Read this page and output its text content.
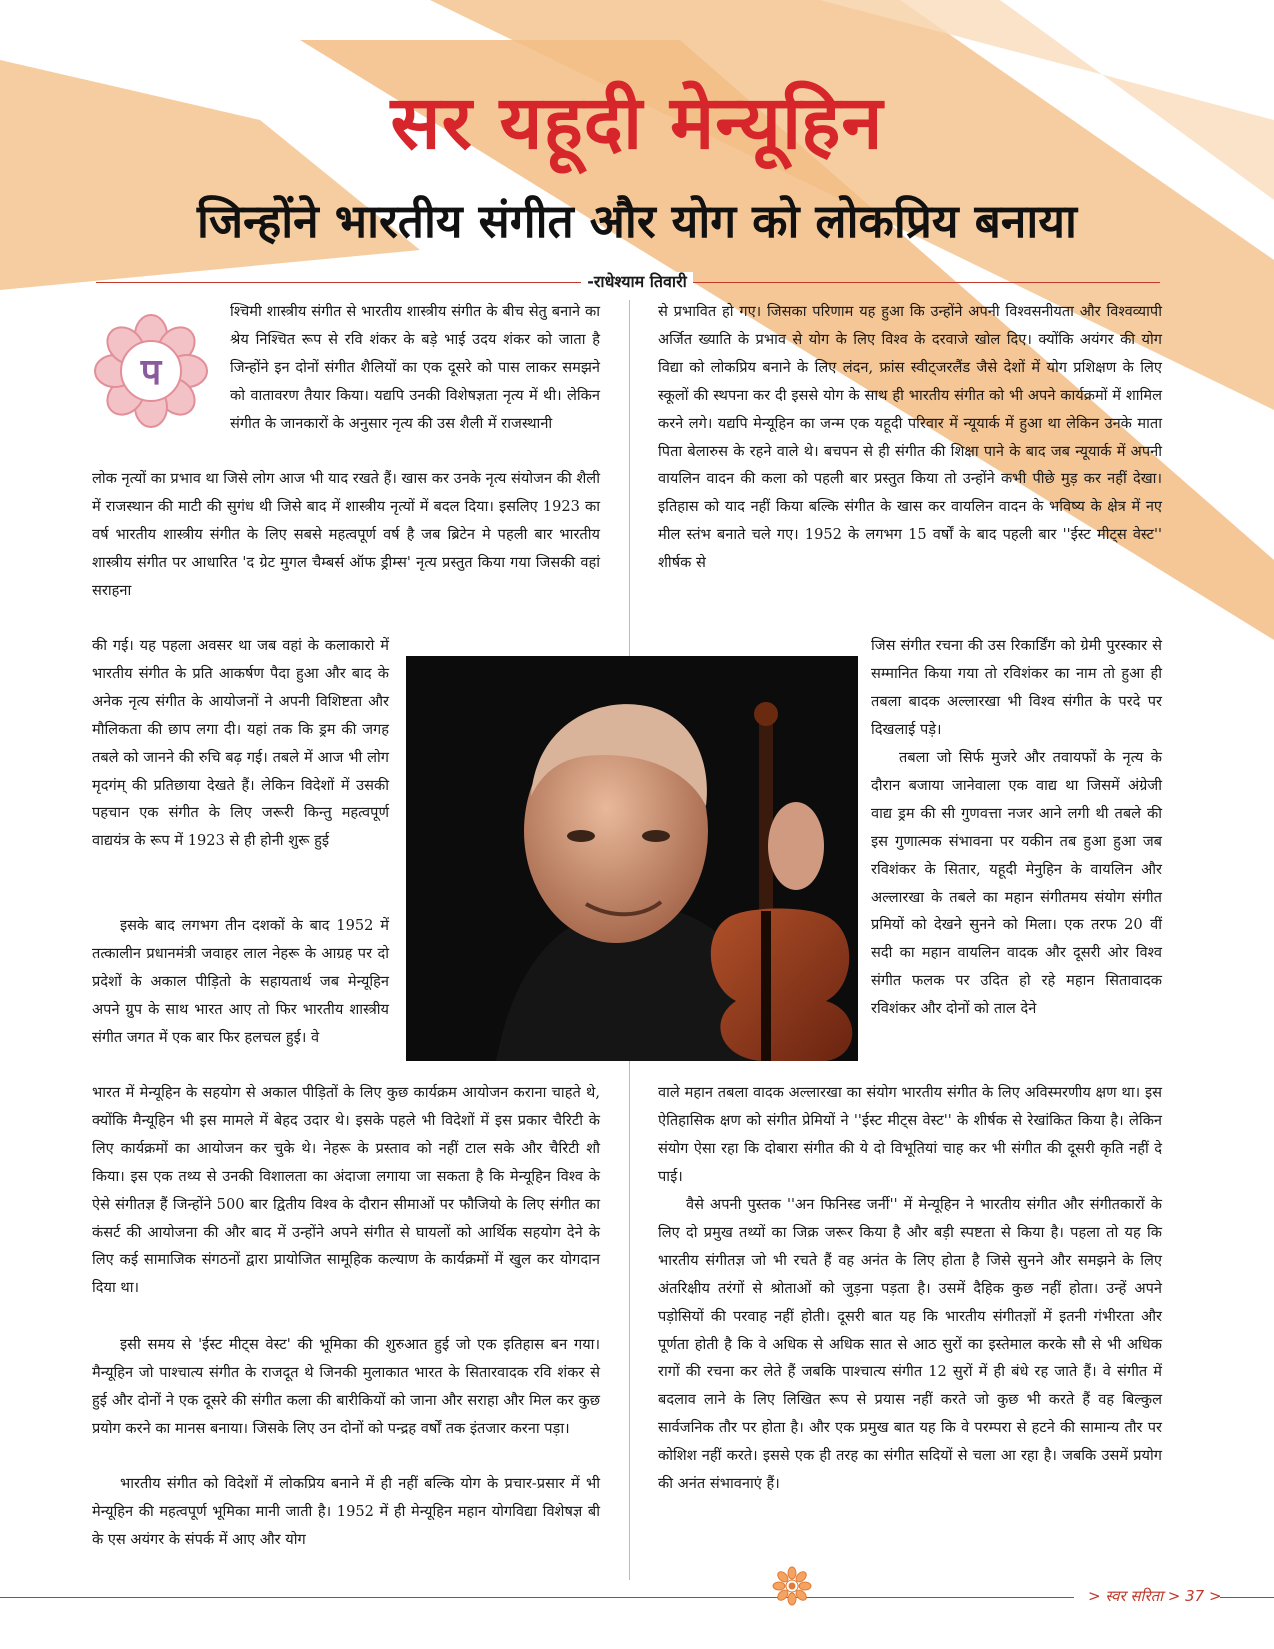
सर यहूदी मेन्यूहिन
जिन्होंने भारतीय संगीत और योग को लोकप्रिय बनाया
-राधेश्याम तिवारी
प

श्चिमी शास्त्रीय संगीत से भारतीय शास्त्रीय संगीत के बीच सेतु बनाने का श्रेय निश्चित रूप से रवि शंकर के बड़े भाई उदय शंकर को जाता है जिन्होंने इन दोनों संगीत शैलियों का एक दूसरे को पास लाकर समझने को वातावरण तैयार किया। यद्यपि उनकी विशेषज्ञता नृत्य में थी। लेकिन संगीत के जानकारों के अनुसार नृत्य की उस शैली में राजस्थानी

लोक नृत्यों का प्रभाव था जिसे लोग आज भी याद रखते हैं। खास कर उनके नृत्य संयोजन की शैली में राजस्थान की माटी की सुगंध थी जिसे बाद में शास्त्रीय नृत्यों में बदल दिया। इसलिए 1923 का वर्ष भारतीय शास्त्रीय संगीत के लिए सबसे महत्वपूर्ण वर्ष है जब ब्रिटेन मे पहली बार भारतीय शास्त्रीय संगीत पर आधारित 'द ग्रेट मुगल चैम्बर्स ऑफ ड्रीम्स' नृत्य प्रस्तुत किया गया जिसकी वहां सराहना

की गई। यह पहला अवसर था जब वहां के कलाकारो में भारतीय संगीत के प्रति आकर्षण पैदा हुआ और बाद के अनेक नृत्य संगीत के आयोजनों ने अपनी विशिष्टता और मौलिकता की छाप लगा दी। यहां तक कि ड्रम की जगह तबले को जानने की रुचि बढ़ गई। तबले में आज भी लोग मृदगंम् की प्रतिछाया देखते हैं। लेकिन विदेशों में उसकी पहचान एक संगीत के लिए जरूरी किन्तु महत्वपूर्ण वाद्ययंत्र के रूप में 1923 से ही होनी शुरू हुई

इसके बाद लगभग तीन दशकों के बाद 1952 में तत्कालीन प्रधानमंत्री जवाहर लाल नेहरू के आग्रह पर दो प्रदेशों के अकाल पीड़ितो के सहायतार्थ जब मेन्यूहिन अपने ग्रुप के साथ भारत आए तो फिर भारतीय शास्त्रीय संगीत जगत में एक बार फिर हलचल हुई। वे

भारत में मेन्यूहिन के सहयोग से अकाल पीड़ितों के लिए कुछ कार्यक्रम आयोजन कराना चाहते थे, क्योंकि मैन्यूहिन भी इस मामले में बेहद उदार थे। इसके पहले भी विदेशों में इस प्रकार चैरिटी के लिए कार्यक्रमों का आयोजन कर चुके थे। नेहरू के प्रस्ताव को नहीं टाल सके और चैरिटी शौ किया। इस एक तथ्य से उनकी विशालता का अंदाजा लगाया जा सकता है कि मेन्यूहिन विश्व के ऐसे संगीतज्ञ हैं जिन्होंने 500 बार द्वितीय विश्व के दौरान सीमाओं पर फौजियो के लिए संगीत का कंसर्ट की आयोजना की और बाद में उन्होंने अपने संगीत से घायलों को आर्थिक सहयोग देने के लिए कई सामाजिक संगठनों द्वारा प्रायोजित सामूहिक कल्याण के कार्यक्रमों में खुल कर योगदान दिया था।

इसी समय से 'ईस्ट मीट्स वेस्ट' की भूमिका की शुरुआत हुई जो एक इतिहास बन गया। मैन्यूहिन जो पाश्चात्य संगीत के राजदूत थे जिनकी मुलाकात भारत के सितारवादक रवि शंकर से हुई और दोनों ने एक दूसरे की संगीत कला की बारीकियों को जाना और सराहा और मिल कर कुछ प्रयोग करने का मानस बनाया। जिसके लिए उन दोनों को पन्द्रह वर्षों तक इंतजार करना पड़ा।

भारतीय संगीत को विदेशों में लोकप्रिय बनाने में ही नहीं बल्कि योग के प्रचार-प्रसार में भी मेन्यूहिन की महत्वपूर्ण भूमिका मानी जाती है। 1952 में ही मेन्यूहिन महान योगविद्या विशेषज्ञ बी के एस अयंगर के संपर्क में आए और योग

से प्रभावित हो गए। जिसका परिणाम यह हुआ कि उन्होंने अपनी विश्वसनीयता और विश्वव्यापी अर्जित ख्याति के प्रभाव से योग के लिए विश्व के दरवाजे खोल दिए। क्योंकि अयंगर की योग विद्या को लोकप्रिय बनाने के लिए लंदन, फ्रांस स्वीट्जरलैंड जैसे देशों में योग प्रशिक्षण के लिए स्कूलों की स्थपना कर दी इससे योग के साथ ही भारतीय संगीत को भी अपने कार्यक्रमों में शामिल करने लगे। यद्यपि मेन्यूहिन का जन्म एक यहूदी परिवार में न्यूयार्क में हुआ था लेकिन उनके माता पिता बेलारुस के रहने वाले थे। बचपन से ही संगीत की शिक्षा पाने के बाद जब न्यूयार्क में अपनी वायलिन वादन की कला को पहली बार प्रस्तुत किया तो उन्होंने कभी पीछे मुड़ कर नहीं देखा। इतिहास को याद नहीं किया बल्कि संगीत के खास कर वायलिन वादन के भविष्य के क्षेत्र में नए मील स्तंभ बनाते चले गए। 1952 के लगभग 15 वर्षों के बाद पहली बार ''ईस्ट मीट्स वेस्ट'' शीर्षक से

जिस संगीत रचना की उस रिकार्डिंग को ग्रेमी पुरस्कार से सम्मानित किया गया तो रविशंकर का नाम तो हुआ ही तबला बादक अल्लारखा भी विश्व संगीत के परदे पर दिखलाई पड़े।

तबला जो सिर्फ मुजरे और तवायफों के नृत्य के दौरान बजाया जानेवाला एक वाद्य था जिसमें अंग्रेजी वाद्य ड्रम की सी गुणवत्ता नजर आने लगी थी तबले की इस गुणात्मक संभावना पर यकीन तब हुआ हुआ जब रविशंकर के सितार, यहूदी मेनुहिन के वायलिन और अल्लारखा के तबले का महान संगीतमय संयोग संगीत प्रमियों को देखने सुनने को मिला। एक तरफ 20 वीं सदी का महान वायलिन वादक और दूसरी ओर विश्व संगीत फलक पर उदित हो रहे महान सितावादक रविशंकर और दोनों को ताल देने

वाले महान तबला वादक अल्लारखा का संयोग भारतीय संगीत के लिए अविस्मरणीय क्षण था। इस ऐतिहासिक क्षण को संगीत प्रेमियों ने ''ईस्ट मीट्स वेस्ट'' के शीर्षक से रेखांकित किया है। लेकिन संयोग ऐसा रहा कि दोबारा संगीत की ये दो विभूतियां चाह कर भी संगीत की दूसरी कृति नहीं दे पाई।

वैसे अपनी पुस्तक ''अन फिनिस्ड जर्नी'' में मेन्यूहिन ने भारतीय संगीत और संगीतकारों के लिए दो प्रमुख तथ्यों का जिक्र जरूर किया है और बड़ी स्पष्टता से किया है। पहला तो यह कि भारतीय संगीतज्ञ जो भी रचते हैं वह अनंत के लिए होता है जिसे सुनने और समझने के लिए अंतरिक्षीय तरंगों से श्रोताओं को जुड़ना पड़ता है। उसमें दैहिक कुछ नहीं होता। उन्हें अपने पड़ोसियों की परवाह नहीं होती। दूसरी बात यह कि भारतीय संगीतज्ञों में इतनी गंभीरता और पूर्णता होती है कि वे अधिक से अधिक सात से आठ सुरों का इस्तेमाल करके सौ से भी अधिक रागों की रचना कर लेते हैं जबकि पाश्चात्य संगीत 12 सुरों में ही बंधे रह जाते हैं। वे संगीत में बदलाव लाने के लिए लिखित रूप से प्रयास नहीं करते जो कुछ भी करते हैं वह बिल्कुल सार्वजनिक तौर पर होता है। और एक प्रमुख बात यह कि वे परम्परा से हटने की सामान्य तौर पर कोशिश नहीं करते। इससे एक ही तरह का संगीत सदियों से चला आ रहा है। जबकि उसमें प्रयोग की अनंत संभावनाएं हैं।

> स्वर सरिता > 37 >
